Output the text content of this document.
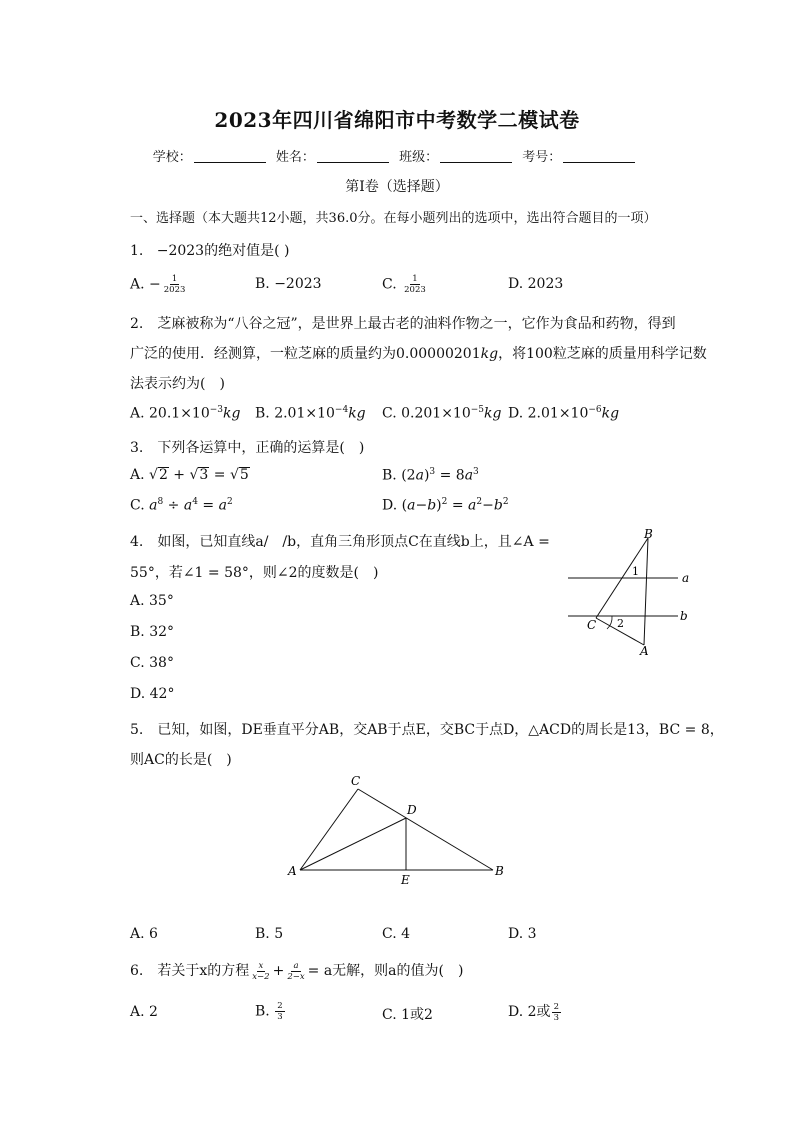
2023年四川省绵阳市中考数学二模试卷
学校：	姓名：	班级：	考号：
第Ⅰ卷（选择题）
一、选择题（本大题共12小题，共36.0分。在每小题列出的选项中，选出符合题目的一项）
1. −2023的绝对值是( )
A. − $\frac{1}{2023}$	B. −2023	C. $\frac{1}{2023}$	D. 2023
2.　芝麻被称为“八谷之冠”，是世界上最古老的油料作物之一，它作为食品和药物，得到
广泛的使用．经测算，一粒芝麻的质量约为0.00000201kg，将100粒芝麻的质量用科学记数
法表示约为(　)
A. $20.1\times 10^{-3}kg$ B. $2.01\times 10^{-4}kg$ C. $0.201\times 10^{-5}kg$ D. $2.01\times 10^{-6}kg$
3.　下列各运算中，正确的运算是(　)
A. √2 + √3 = √5	B. $(2a)^3 = 8a^3$
C. $a^8 \div a^4 = a^2$	D. $(a-b)^2 = a^2-b^2$
4.　如图，已知直线a/　/b，直角三角形顶点C在直线b上，且∠A =
55°，若∠1 = 58°，则∠2的度数是(　)
A. 35°
B. 32°
C. 38°
D. 42°
B
a
b
C
A
1
2
5.　已知，如图，DE垂直平分AB，交AB于点E，交BC于点D，△ACD的周长是13，BC = 8，
则AC的长是(　)
C
D
A
E
B
A. 6	B. 5	C. 4	D. 3
6.　若关于x的方程 $\frac{x}{x-2} + \frac{a}{2-x} = a$无解，则a的值为(　)
A. 2	B. $\frac{2}{3}$	C. 1或2	D. 2或 $\frac{2}{3}$
